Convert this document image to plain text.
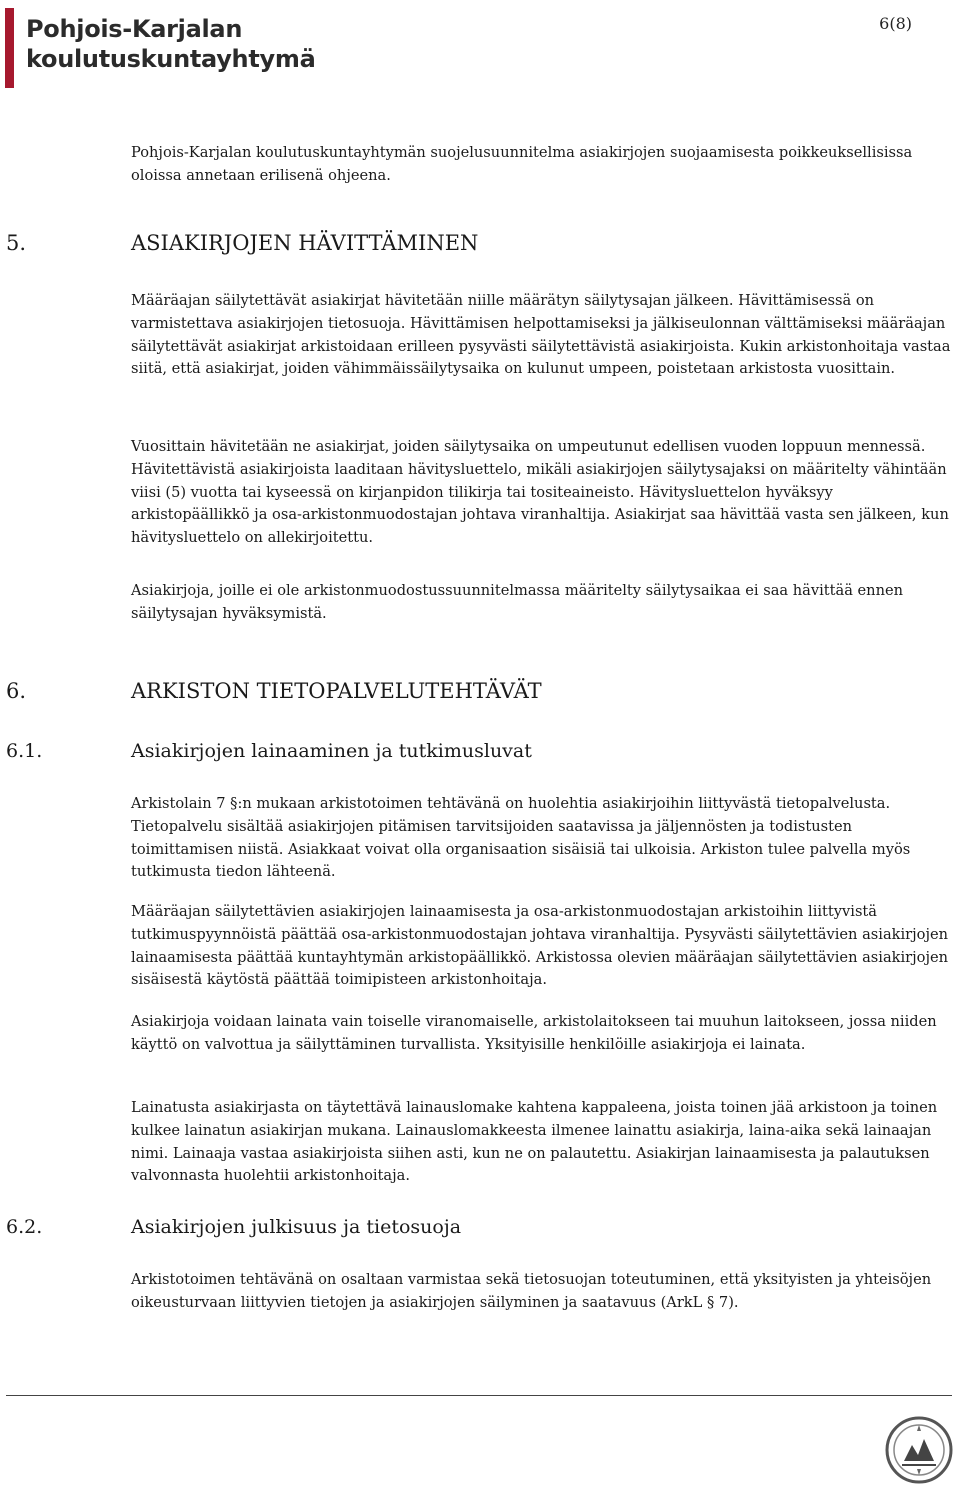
Pohjois-Karjalan
koulutuskuntayhtymä
6(8)

Pohjois-Karjalan koulutuskuntayhtymän suojelusuunnitelma asiakirjojen suojaamisesta poikkeuksellisissa oloissa annetaan erilisenä ohjeena.

5.	ASIAKIRJOJEN HÄVITTÄMINEN

Määräajan säilytettävät asiakirjat hävitetään niille määrätyn säilytysajan jälkeen. Hävittämisessä on varmistettava asiakirjojen tietosuoja. Hävittämisen helpottamiseksi ja jälkiseulonnan välttämiseksi määräajan säilytettävät asiakirjat arkistoidaan erilleen pysyvästi säilytettävistä asiakirjoista. Kukin arkistonhoitaja vastaa siitä, että asiakirjat, joiden vähimmäissäilytysaika on kulunut umpeen, poistetaan arkistosta vuosittain.

Vuosittain hävitetään ne asiakirjat, joiden säilytysaika on umpeutunut edellisen vuoden loppuun mennessä. Hävitettävistä asiakirjoista laaditaan hävitysluettelo, mikäli asiakirjojen säilytysajaksi on määritelty vähintään viisi (5) vuotta tai kyseessä on kirjanpidon tilikirja tai tositeaineisto. Hävitysluettelon hyväksyy arkistopäällikkö ja osa-arkistonmuodostajan johtava viranhaltija. Asiakirjat saa hävittää vasta sen jälkeen, kun hävitysluettelo on allekirjoitettu.

Asiakirjoja, joille ei ole arkistonmuodostussuunnitelmassa määritelty säilytysaikaa ei saa hävittää ennen säilytysajan hyväksymistä.

6.	ARKISTON TIETOPALVELUTEHTÄVÄT
6.1.	Asiakirjojen lainaaminen ja tutkimusluvat

Arkistolain 7 §:n mukaan arkistotoimen tehtävänä on huolehtia asiakirjoihin liittyvästä tietopalvelusta. Tietopalvelu sisältää asiakirjojen pitämisen tarvitsijoiden saatavissa ja jäljennösten ja todistusten toimittamisen niistä. Asiakkaat voivat olla organisaation sisäisiä tai ulkoisia. Arkiston tulee palvella myös tutkimusta tiedon lähteenä.

Määräajan säilytettävien asiakirjojen lainaamisesta ja osa-arkistonmuodostajan arkistoihin liittyvistä tutkimuspyynnöistä päättää osa-arkistonmuodostajan johtava viranhaltija. Pysyvästi säilytettävien asiakirjojen lainaamisesta päättää kuntayhtymän arkistopäällikkö. Arkistossa olevien määräajan säilytettävien asiakirjojen sisäisestä käytöstä päättää toimipisteen arkistonhoitaja.

Asiakirjoja voidaan lainata vain toiselle viranomaiselle, arkistolaitokseen tai muuhun laitokseen, jossa niiden käyttö on valvottua ja säilyttäminen turvallista. Yksityisille henkilöille asiakirjoja ei lainata.

Lainatusta asiakirjasta on täytettävä lainauslomake kahtena kappaleena, joista toinen jää arkistoon ja toinen kulkee lainatun asiakirjan mukana. Lainauslomakkeesta ilmenee lainattu asiakirja, laina-aika sekä lainaajan nimi. Lainaaja vastaa asiakirjoista siihen asti, kun ne on palautettu. Asiakirjan lainaamisesta ja palautuksen valvonnasta huolehtii arkistonhoitaja.

6.2.	Asiakirjojen julkisuus ja tietosuoja

Arkistotoimen tehtävänä on osaltaan varmistaa sekä tietosuojan toteutuminen, että yksityisten ja yhteisöjen oikeusturvaan liittyvien tietojen ja asiakirjojen säilyminen ja saatavuus (ArkL § 7).
